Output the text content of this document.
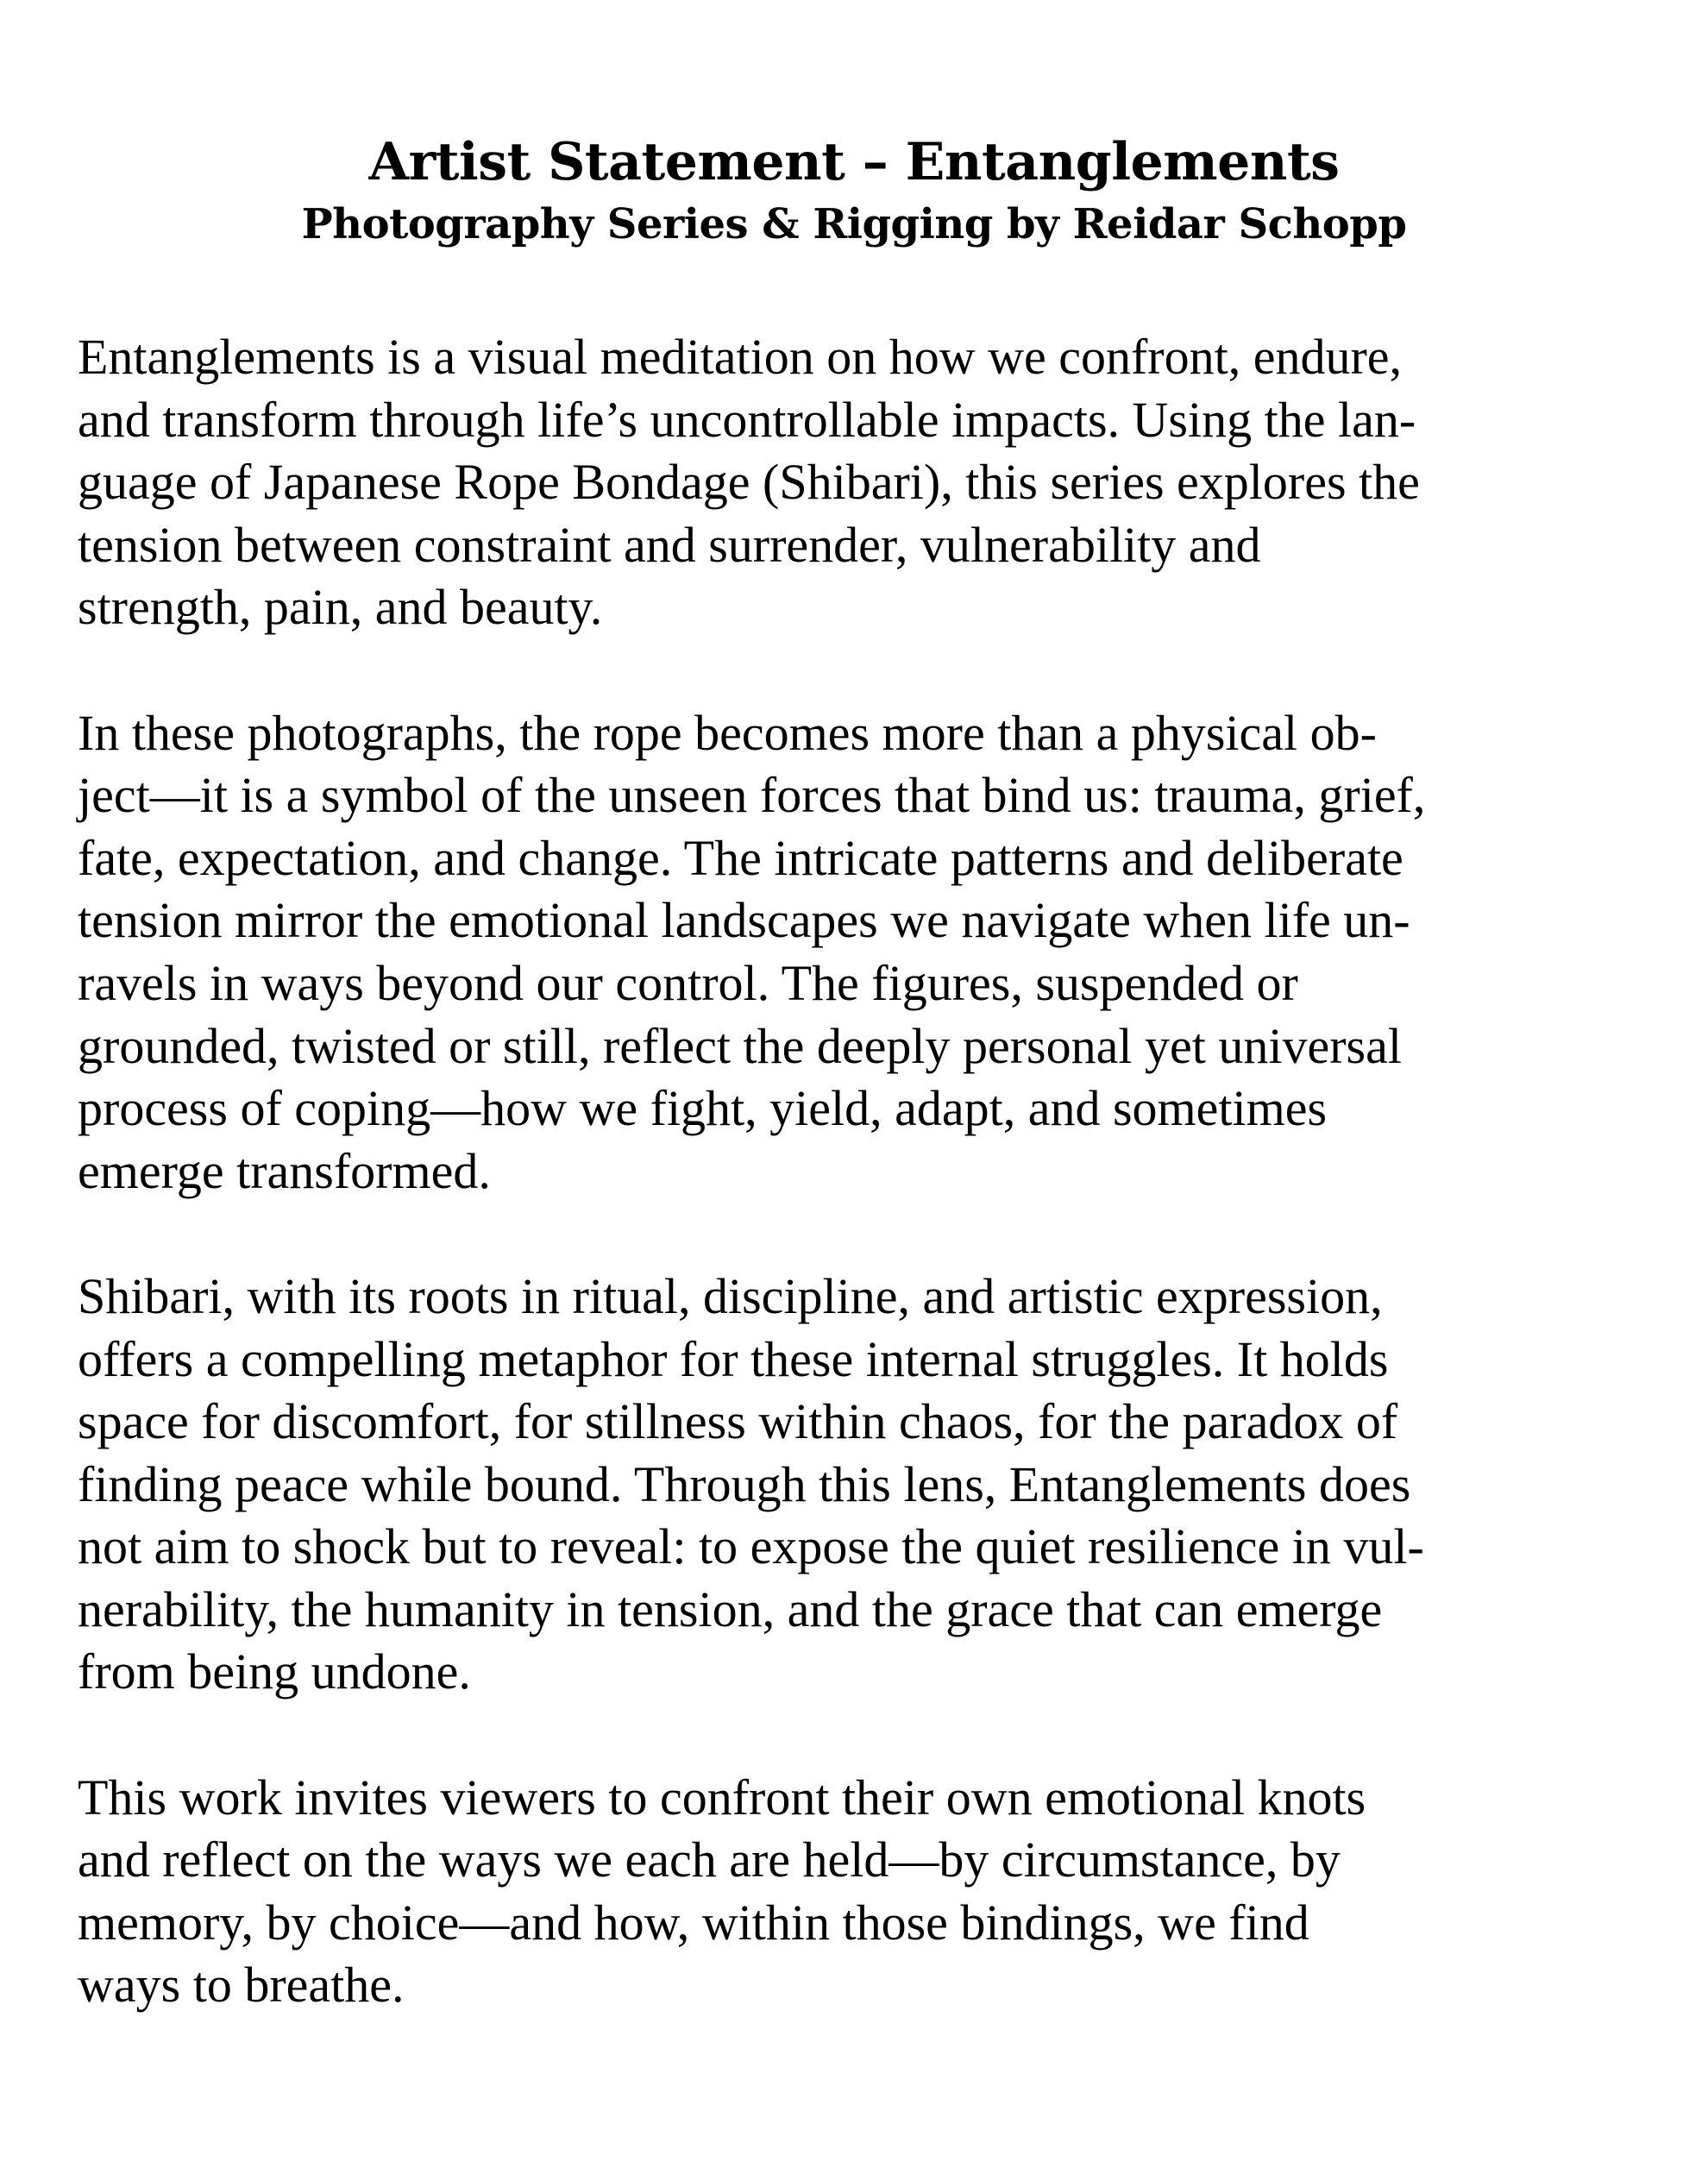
Artist Statement – Entanglements
Photography Series & Rigging by Reidar Schopp
Entanglements is a visual meditation on how we confront, endure,
and transform through life’s uncontrollable impacts. Using the lan-
guage of Japanese Rope Bondage (Shibari), this series explores the
tension between constraint and surrender, vulnerability and
strength, pain, and beauty.
In these photographs, the rope becomes more than a physical ob-
ject—it is a symbol of the unseen forces that bind us: trauma, grief,
fate, expectation, and change. The intricate patterns and deliberate
tension mirror the emotional landscapes we navigate when life un-
ravels in ways beyond our control. The figures, suspended or
grounded, twisted or still, reflect the deeply personal yet universal
process of coping—how we fight, yield, adapt, and sometimes
emerge transformed.
Shibari, with its roots in ritual, discipline, and artistic expression,
offers a compelling metaphor for these internal struggles. It holds
space for discomfort, for stillness within chaos, for the paradox of
finding peace while bound. Through this lens, Entanglements does
not aim to shock but to reveal: to expose the quiet resilience in vul-
nerability, the humanity in tension, and the grace that can emerge
from being undone.
This work invites viewers to confront their own emotional knots
and reflect on the ways we each are held—by circumstance, by
memory, by choice—and how, within those bindings, we find
ways to breathe.
